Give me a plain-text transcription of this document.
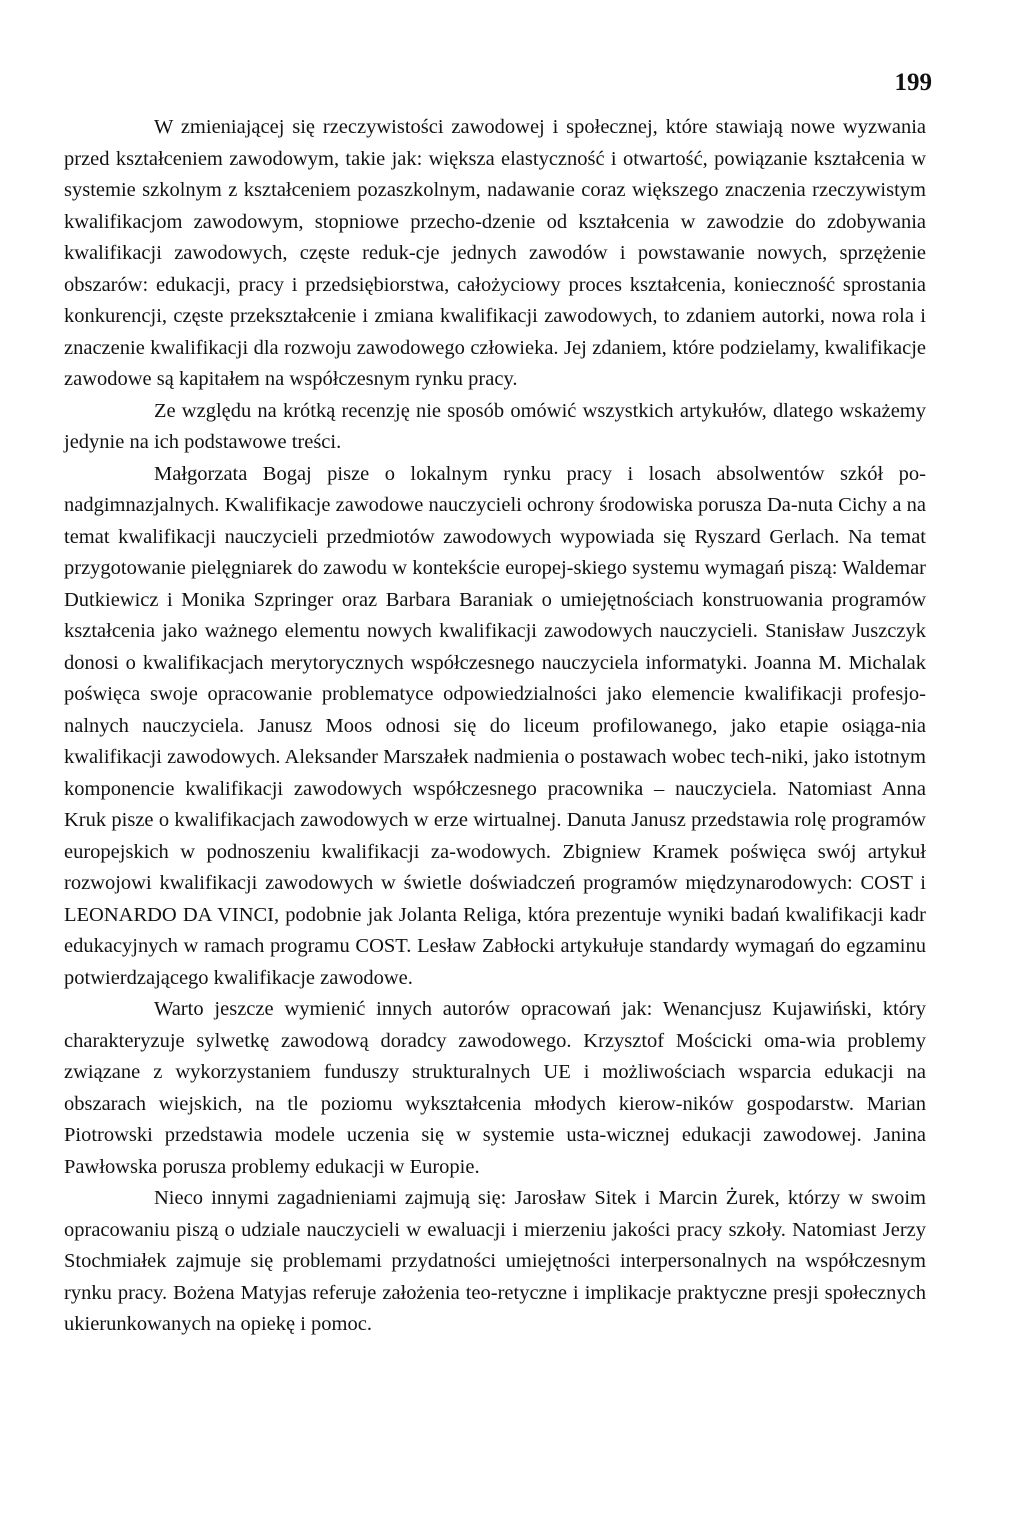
199

W zmieniającej się rzeczywistości zawodowej i społecznej, które stawiają nowe wyzwania przed kształceniem zawodowym, takie jak: większa elastyczność i otwartość, powiązanie kształcenia w systemie szkolnym z kształceniem pozaszkolnym, nadawanie coraz większego znaczenia rzeczywistym kwalifikacjom zawodowym, stopniowe przecho-dzenie od kształcenia w zawodzie do zdobywania kwalifikacji zawodowych, częste reduk-cje jednych zawodów i powstawanie nowych, sprzężenie obszarów: edukacji, pracy i przedsiębiorstwa, całożyciowy proces kształcenia, konieczność sprostania konkurencji, częste przekształcenie i zmiana kwalifikacji zawodowych, to zdaniem autorki, nowa rola i znaczenie kwalifikacji dla rozwoju zawodowego człowieka. Jej zdaniem, które podzielamy, kwalifikacje zawodowe są kapitałem na współczesnym rynku pracy.

Ze względu na krótką recenzję nie sposób omówić wszystkich artykułów, dlatego wskażemy jedynie na ich podstawowe treści.

Małgorzata Bogaj pisze o lokalnym rynku pracy i losach absolwentów szkół po-nadgimnazjalnych. Kwalifikacje zawodowe nauczycieli ochrony środowiska porusza Da-nuta Cichy a na temat kwalifikacji nauczycieli przedmiotów zawodowych wypowiada się Ryszard Gerlach. Na temat przygotowanie pielęgniarek do zawodu w kontekście europej-skiego systemu wymagań piszą: Waldemar Dutkiewicz i Monika Szpringer oraz Barbara Baraniak o umiejętnościach konstruowania programów kształcenia jako ważnego elementu nowych kwalifikacji zawodowych nauczycieli. Stanisław Juszczyk donosi o kwalifikacjach merytorycznych współczesnego nauczyciela informatyki. Joanna M. Michalak poświęca swoje opracowanie problematyce odpowiedzialności jako elemencie kwalifikacji profesjo-nalnych nauczyciela. Janusz Moos odnosi się do liceum profilowanego, jako etapie osiąga-nia kwalifikacji zawodowych. Aleksander Marszałek nadmienia o postawach wobec tech-niki, jako istotnym komponencie kwalifikacji zawodowych współczesnego pracownika – nauczyciela. Natomiast Anna Kruk pisze o kwalifikacjach zawodowych w erze wirtualnej. Danuta Janusz przedstawia rolę programów europejskich w podnoszeniu kwalifikacji za-wodowych. Zbigniew Kramek poświęca swój artykuł rozwojowi kwalifikacji zawodowych w świetle doświadczeń programów międzynarodowych: COST i LEONARDO DA VINCI, podobnie jak Jolanta Religa, która prezentuje wyniki badań kwalifikacji kadr edukacyjnych w ramach programu COST. Lesław Zabłocki artykułuje standardy wymagań do egzaminu potwierdzającego kwalifikacje zawodowe.

Warto jeszcze wymienić innych autorów opracowań jak: Wenancjusz Kujawiński, który charakteryzuje sylwetkę zawodową doradcy zawodowego. Krzysztof Mościcki oma-wia problemy związane z wykorzystaniem funduszy strukturalnych UE i możliwościach wsparcia edukacji na obszarach wiejskich, na tle poziomu wykształcenia młodych kierow-ników gospodarstw. Marian Piotrowski przedstawia modele uczenia się w systemie usta-wicznej edukacji zawodowej. Janina Pawłowska porusza problemy edukacji w Europie.

Nieco innymi zagadnieniami zajmują się: Jarosław Sitek i Marcin Żurek, którzy w swoim opracowaniu piszą o udziale nauczycieli w ewaluacji i mierzeniu jakości pracy szkoły. Natomiast Jerzy Stochmiałek zajmuje się problemami przydatności umiejętności interpersonalnych na współczesnym rynku pracy. Bożena Matyjas referuje założenia teo-retyczne i implikacje praktyczne presji społecznych ukierunkowanych na opiekę i pomoc.
